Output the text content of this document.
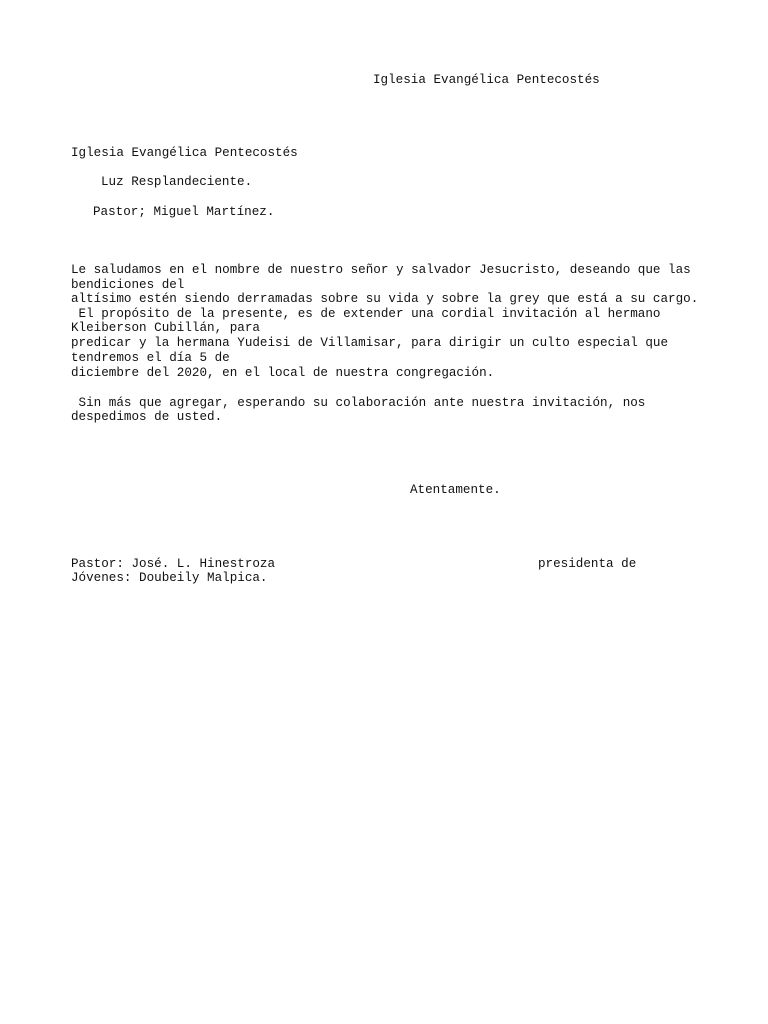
Iglesia Evangélica Pentecostés

Iglesia Evangélica Pentecostés

Luz Resplandeciente.

Pastor; Miguel Martínez.

Le saludamos en el nombre de nuestro señor y salvador Jesucristo, deseando que las

bendiciones del

altísimo estén siendo derramadas sobre su vida y sobre la grey que está a su cargo.

El propósito de la presente, es de extender una cordial invitación al hermano

Kleiberson Cubillán, para

predicar y la hermana Yudeisi de Villamisar, para dirigir un culto especial que

tendremos el día 5 de

diciembre del 2020, en el local de nuestra congregación.

Sin más que agregar, esperando su colaboración ante nuestra invitación, nos

despedimos de usted.

Atentamente.

Pastor: José. L. Hinestroza	presidenta de

Jóvenes: Doubeily Malpica.
